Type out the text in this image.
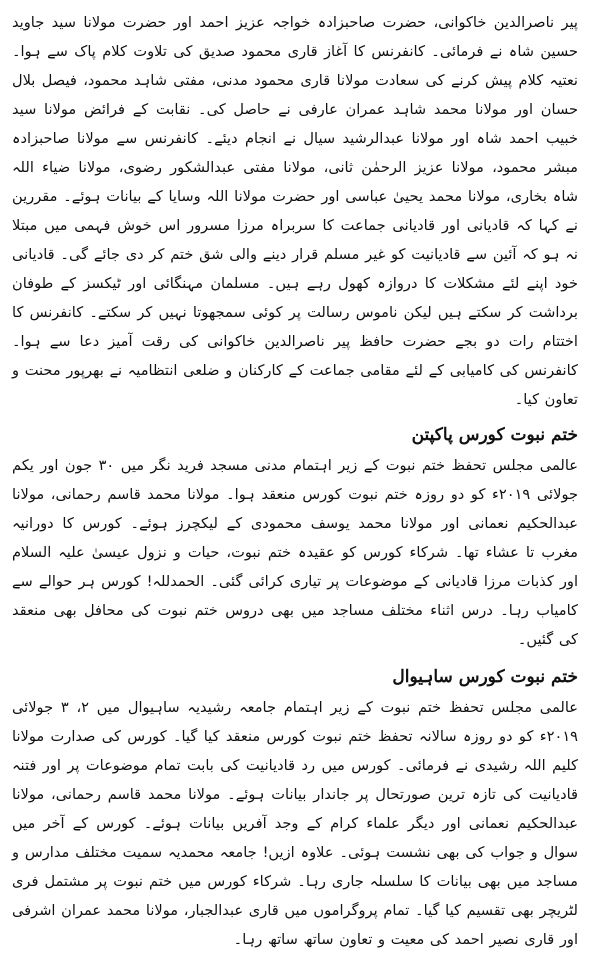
پیر ناصرالدین خاکوانی، حضرت صاحبزادہ خواجہ عزیز احمد اور حضرت مولانا سید جاوید حسین شاہ نے فرمائی۔ کانفرنس کا آغاز قاری محمود صدیق کی تلاوت کلام پاک سے ہوا۔ نعتیہ کلام پیش کرنے کی سعادت مولانا قاری محمود مدنی، مفتی شاہد محمود، فیصل بلال حسان اور مولانا محمد شاہد عمران عارفی نے حاصل کی۔ نقابت کے فرائض مولانا سید خبیب احمد شاہ اور مولانا عبدالرشید سیال نے انجام دیئے۔ کانفرنس سے مولانا صاحبزادہ مبشر محمود، مولانا عزیز الرحمٰن ثانی، مولانا مفتی عبدالشکور رضوی، مولانا ضیاء اللہ شاہ بخاری، مولانا محمد یحییٰ عباسی اور حضرت مولانا اللہ وسایا کے بیانات ہوئے۔ مقررین نے کہا کہ قادیانی اور قادیانی جماعت کا سربراہ مرزا مسرور اس خوش فہمی میں مبتلا نہ ہو کہ آئین سے قادیانیت کو غیر مسلم قرار دینے والی شق ختم کر دی جائے گی۔ قادیانی خود اپنے لئے مشکلات کا دروازہ کھول رہے ہیں۔ مسلمان مہنگائی اور ٹیکسز کے طوفان برداشت کر سکتے ہیں لیکن ناموس رسالت پر کوئی سمجھوتا نہیں کر سکتے۔ کانفرنس کا اختتام رات دو بجے حضرت حافظ پیر ناصرالدین خاکوانی کی رقت آمیز دعا سے ہوا۔ کانفرنس کی کامیابی کے لئے مقامی جماعت کے کارکنان و ضلعی انتظامیہ نے بھرپور محنت و تعاون کیا۔

ختم نبوت کورس پاکپتن

عالمی مجلس تحفظ ختم نبوت کے زیر اہتمام مدنی مسجد فرید نگر میں ۳۰ جون اور یکم جولائی ۲۰۱۹ء کو دو روزہ ختم نبوت کورس منعقد ہوا۔ مولانا محمد قاسم رحمانی، مولانا عبدالحکیم نعمانی اور مولانا محمد یوسف محمودی کے لیکچرز ہوئے۔ کورس کا دورانیہ مغرب تا عشاء تھا۔ شرکاء کورس کو عقیدہ ختم نبوت، حیات و نزول عیسیٰ علیہ السلام اور کذبات مرزا قادیانی کے موضوعات پر تیاری کرائی گئی۔ الحمدللہ! کورس ہر حوالے سے کامیاب رہا۔ درس اثناء مختلف مساجد میں بھی دروس ختم نبوت کی محافل بھی منعقد کی گئیں۔

ختم نبوت کورس ساہیوال

عالمی مجلس تحفظ ختم نبوت کے زیر اہتمام جامعہ رشیدیہ ساہیوال میں ۲، ۳ جولائی ۲۰۱۹ء کو دو روزہ سالانہ تحفظ ختم نبوت کورس منعقد کیا گیا۔ کورس کی صدارت مولانا کلیم اللہ رشیدی نے فرمائی۔ کورس میں رد قادیانیت کی بابت تمام موضوعات پر اور فتنہ قادیانیت کی تازہ ترین صورتحال پر جاندار بیانات ہوئے۔ مولانا محمد قاسم رحمانی، مولانا عبدالحکیم نعمانی اور دیگر علماء کرام کے وجد آفریں بیانات ہوئے۔ کورس کے آخر میں سوال و جواب کی بھی نشست ہوئی۔ علاوہ ازیں! جامعہ محمدیہ سمیت مختلف مدارس و مساجد میں بھی بیانات کا سلسلہ جاری رہا۔ شرکاء کورس میں ختم نبوت پر مشتمل فری لٹریچر بھی تقسیم کیا گیا۔ تمام پروگراموں میں قاری عبدالجبار، مولانا محمد عمران اشرفی اور قاری نصیر احمد کی معیت و تعاون ساتھ ساتھ رہا۔
